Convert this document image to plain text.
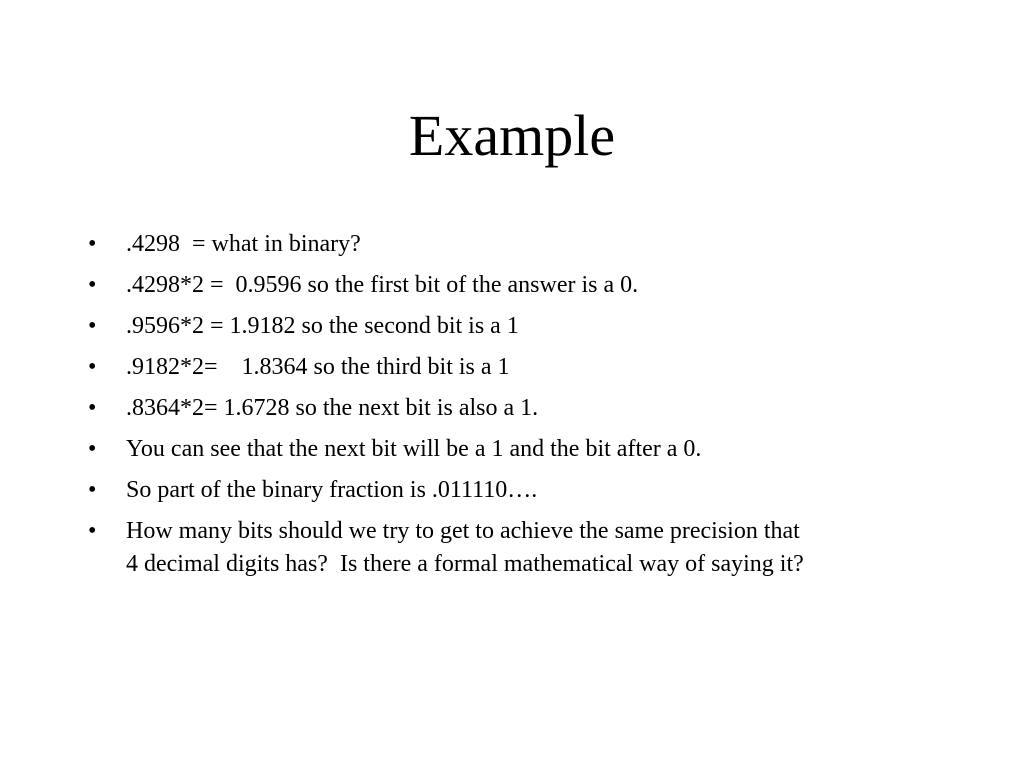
Example
•	.4298  = what in binary?
•	.4298*2 =  0.9596 so the first bit of the answer is a 0.
•	.9596*2 = 1.9182 so the second bit is a 1
•	.9182*2=    1.8364 so the third bit is a 1
•	.8364*2= 1.6728 so the next bit is also a 1.
•	You can see that the next bit will be a 1 and the bit after a 0.
•	So part of the binary fraction is .011110….
•	How many bits should we try to get to achieve the same precision that
4 decimal digits has?  Is there a formal mathematical way of saying it?
